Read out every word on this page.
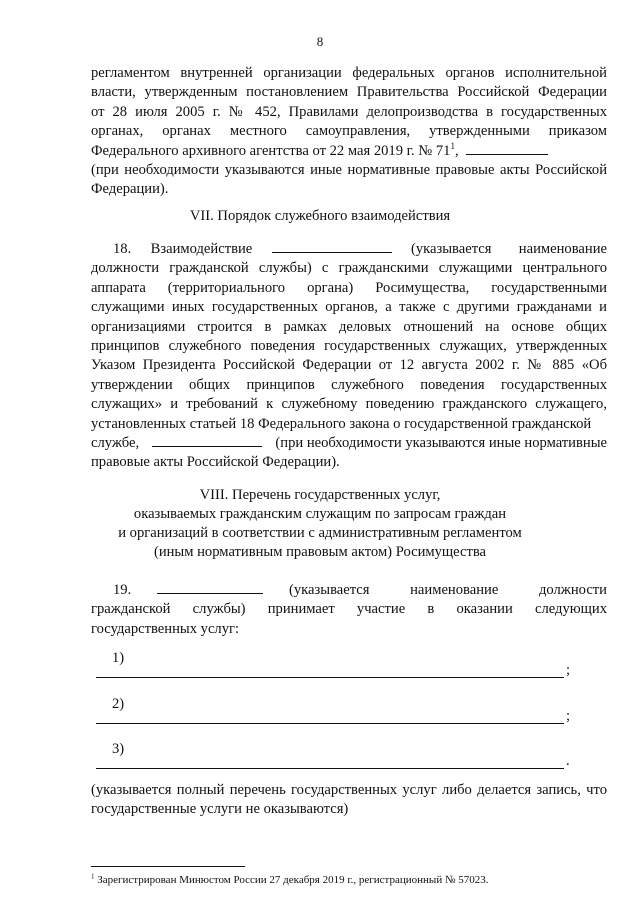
8
регламентом внутренней организации федеральных органов исполнительной
власти, утвержденным постановлением Правительства Российской Федерации
от 28 июля 2005 г. № 452, Правилами делопроизводства в государственных
органах, органах местного самоуправления, утвержденными приказом
Федерального архивного агентства от 22 мая 2019 г. № $71^1$,
(при необходимости указываются иные нормативные правовые акты Российской
Федерации).
VII. Порядок служебного взаимодействия
18. Взаимодействие	(указывается наименование
должности гражданской службы) с гражданскими служащими центрального аппарата (территориального органа) Росимущества, государственными служащими иных государственных органов, а также с другими гражданами и организациями строится в рамках деловых отношений на основе общих принципов служебного поведения государственных служащих, утвержденных Указом Президента Российской Федерации от 12 августа 2002 г. № 885 «Об утверждении общих принципов служебного поведения государственных служащих» и требований к служебному поведению гражданского служащего, установленных статьей 18 Федерального закона о государственной гражданской
службе,	(при необходимости указываются иные нормативные
правовые акты Российской Федерации).
VIII. Перечень государственных услуг,
оказываемых гражданским служащим по запросам граждан
и организаций в соответствии с административным регламентом
(иным нормативным правовым актом) Росимущества
19.	(указывается наименование должности
гражданской службы) принимает участие в оказании следующих
государственных услуг:
1)
;
2)
;
3)
.
(указывается полный перечень государственных услуг либо делается запись, что государственные услуги не оказываются)
$^1$ Зарегистрирован Минюстом России 27 декабря 2019 г., регистрационный № 57023.
